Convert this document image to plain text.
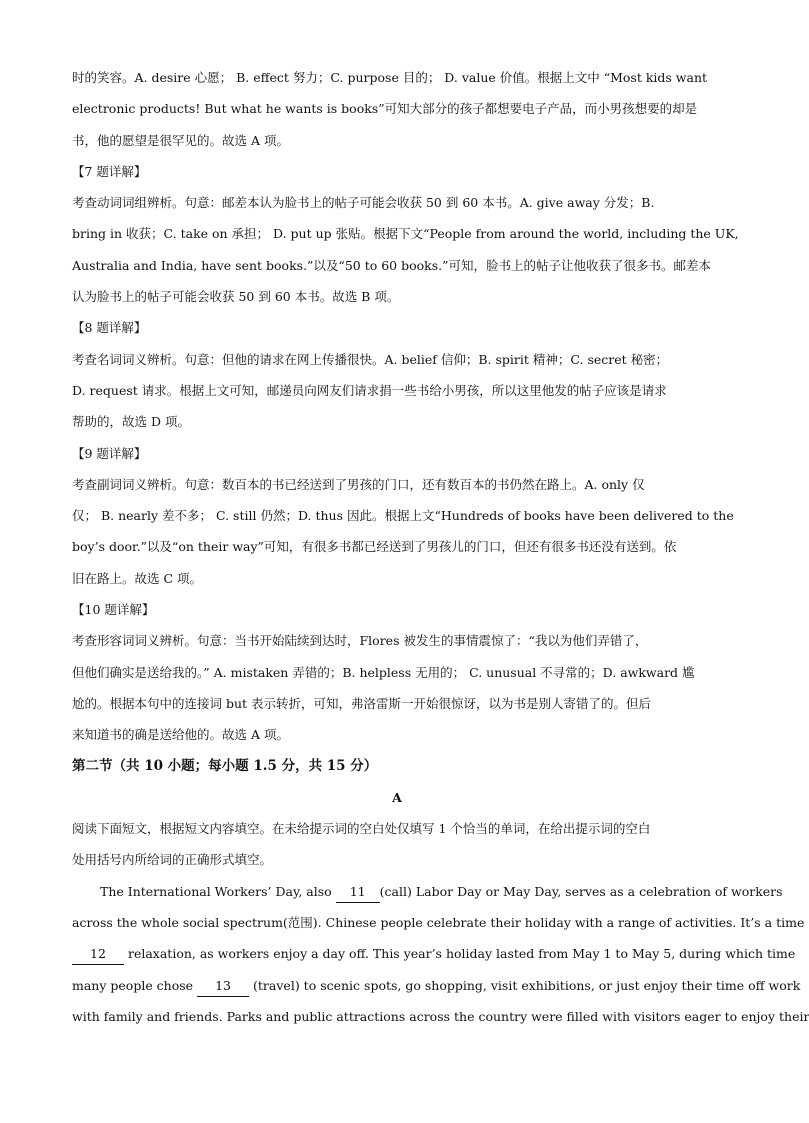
时的笑容。A. desire 心愿； B. effect 努力；C. purpose 目的； D. value 价值。根据上文中 “Most kids want
electronic products! But what he wants is books”可知大部分的孩子都想要电子产品，而小男孩想要的却是
书，他的愿望是很罕见的。故选 A 项。
【7 题详解】
考查动词词组辨析。句意：邮差本认为脸书上的帖子可能会收获 50 到 60 本书。A. give away 分发；B.
bring in 收获；C. take on 承担； D. put up 张贴。根据下文“People from around the world, including the UK,
Australia and India, have sent books.”以及“50 to 60 books.”可知，脸书上的帖子让他收获了很多书。邮差本
认为脸书上的帖子可能会收获 50 到 60 本书。故选 B 项。
【8 题详解】
考查名词词义辨析。句意：但他的请求在网上传播很快。A. belief 信仰；B. spirit 精神；C. secret 秘密；
D. request 请求。根据上文可知，邮递员向网友们请求捐一些书给小男孩，所以这里他发的帖子应该是请求
帮助的，故选 D 项。
【9 题详解】
考查副词词义辨析。句意：数百本的书已经送到了男孩的门口，还有数百本的书仍然在路上。A. only 仅
仅； B. nearly 差不多； C. still 仍然；D. thus 因此。根据上文“Hundreds of books have been delivered to the
boy’s door.”以及“on their way”可知，有很多书都已经送到了男孩儿的门口，但还有很多书还没有送到。依
旧在路上。故选 C 项。
【10 题详解】
考查形容词词义辨析。句意：当书开始陆续到达时，Flores 被发生的事情震惊了：“我以为他们弄错了，
但他们确实是送给我的。” A. mistaken 弄错的；B. helpless 无用的； C. unusual 不寻常的；D. awkward 尴
尬的。根据本句中的连接词 but 表示转折，可知，弗洛雷斯一开始很惊讶，以为书是别人寄错了的。但后
来知道书的确是送给他的。故选 A 项。
第二节（共 10 小题；每小题 1.5 分，共 15 分）
A
阅读下面短文，根据短文内容填空。在未给提示词的空白处仅填写 1 个恰当的单词，在给出提示词的空白
处用括号内所给词的正确形式填空。
The International Workers’ Day, also 11 (call) Labor Day or May Day, serves as a celebration of workers
across the whole social spectrum(范围). Chinese people celebrate their holiday with a range of activities. It’s a time
12 relaxation, as workers enjoy a day off. This year’s holiday lasted from May 1 to May 5, during which time
many people chose 13 (travel) to scenic spots, go shopping, visit exhibitions, or just enjoy their time off work
with family and friends. Parks and public attractions across the country were filled with visitors eager to enjoy their
